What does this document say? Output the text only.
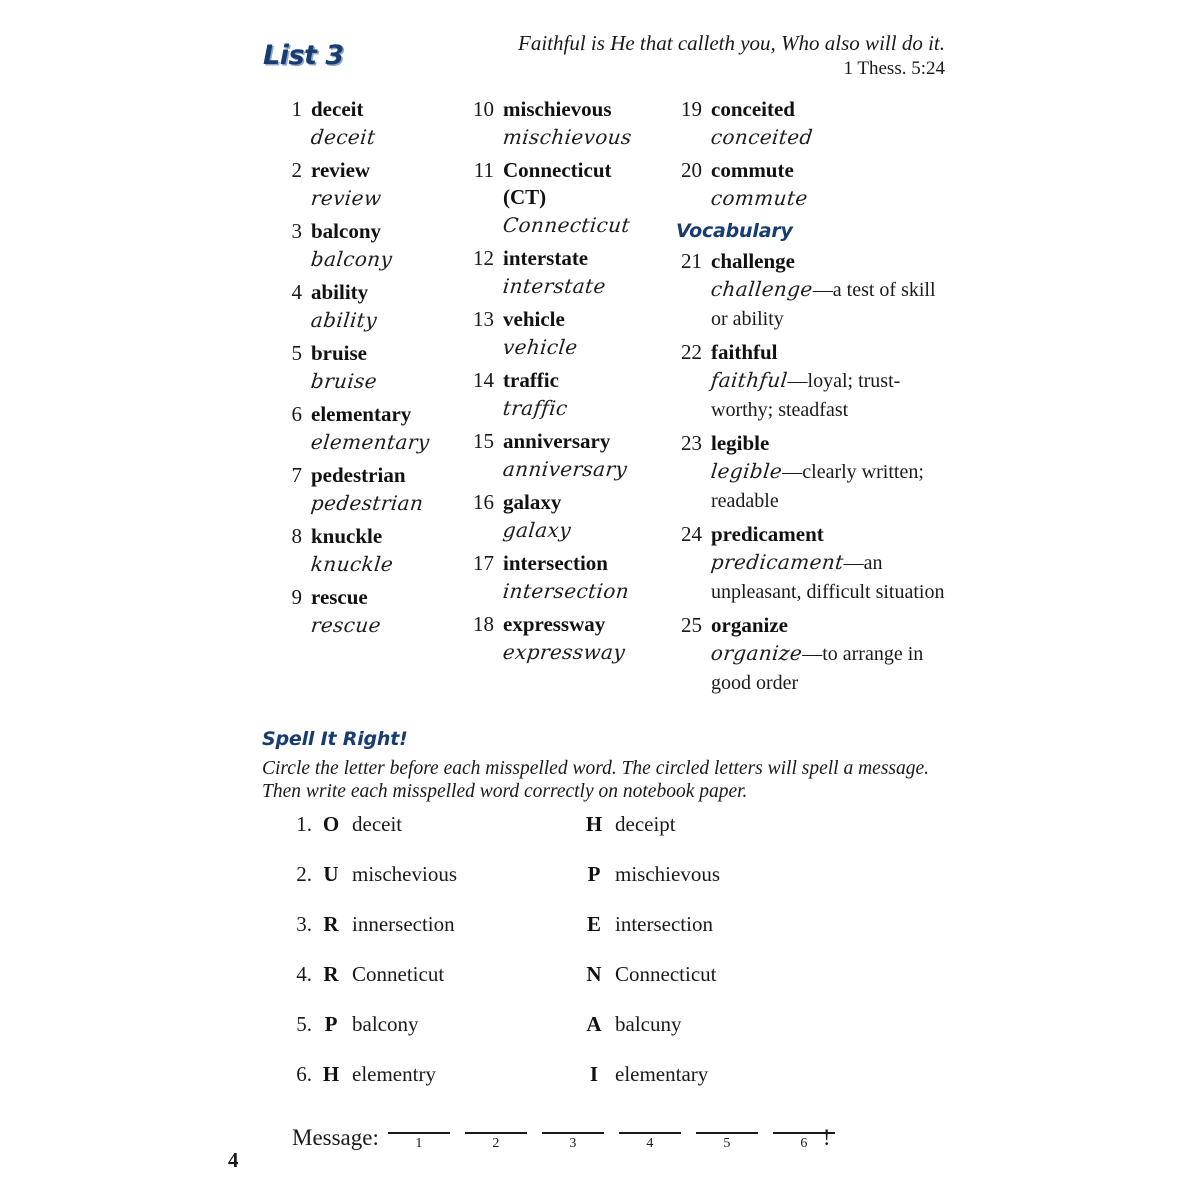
List 3	Faithful is He that calleth you, Who also will do it.
1 Thess. 5:24
1 deceit
deceit
2 review
review
3 balcony
balcony
4 ability
ability
5 bruise
bruise
6 elementary
elementary
7 pedestrian
pedestrian
8 knuckle
knuckle
9 rescue
rescue
10 mischievous
mischievous
11 Connecticut (CT)
Connecticut
12 interstate
interstate
13 vehicle
vehicle
14 traffic
traffic
15 anniversary
anniversary
16 galaxy
galaxy
17 intersection
intersection
18 expressway
expressway
19 conceited
conceited
20 commute
commute
Vocabulary
21 challenge
challenge—a test of skill or ability
22 faithful
faithful—loyal; trust-worthy; steadfast
23 legible
legible—clearly written; readable
24 predicament
predicament—an unpleasant, difficult situation
25 organize
organize—to arrange in good order
Spell It Right!
Circle the letter before each misspelled word. The circled letters will spell a message. Then write each misspelled word correctly on notebook paper.
1. O deceit	H deceipt
2. U mischevious	P mischievous
3. R innersection	E intersection
4. R Conneticut	N Connecticut
5. P balcony	A balcuny
6. H elementry	I elementary
Message:	1	2	3	4	5	6 !
4
